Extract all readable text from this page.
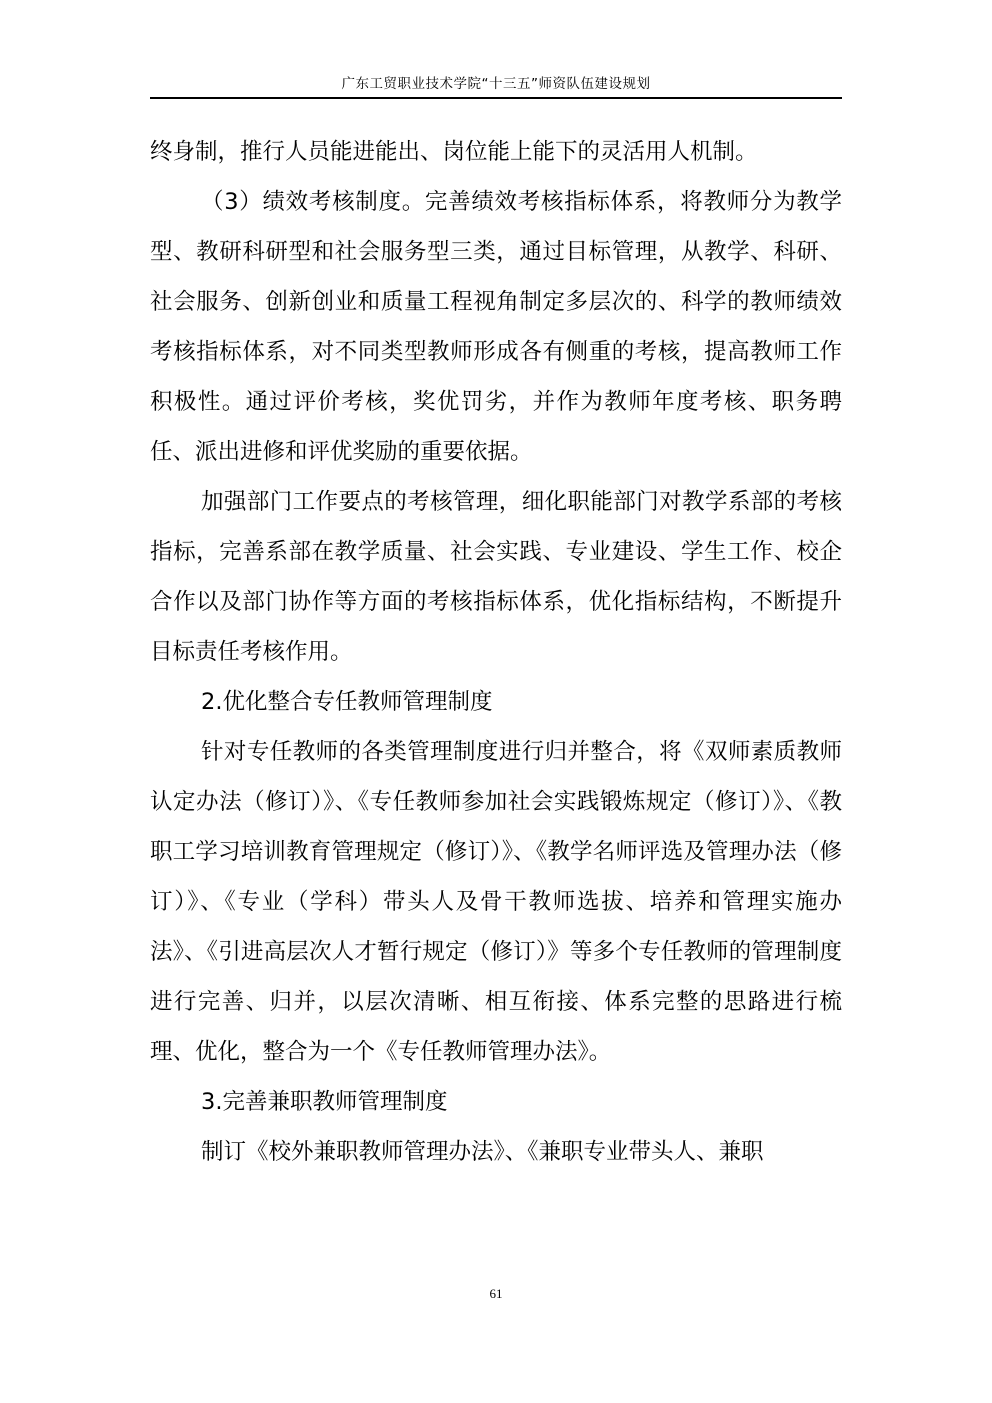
广东工贸职业技术学院“十三五”师资队伍建设规划

终身制，推行人员能进能出、岗位能上能下的灵活用人机制。

（3）绩效考核制度。完善绩效考核指标体系，将教师分为教学型、教研科研型和社会服务型三类，通过目标管理，从教学、科研、社会服务、创新创业和质量工程视角制定多层次的、科学的教师绩效考核指标体系，对不同类型教师形成各有侧重的考核，提高教师工作积极性。通过评价考核，奖优罚劣，并作为教师年度考核、职务聘任、派出进修和评优奖励的重要依据。

加强部门工作要点的考核管理，细化职能部门对教学系部的考核指标，完善系部在教学质量、社会实践、专业建设、学生工作、校企合作以及部门协作等方面的考核指标体系，优化指标结构，不断提升目标责任考核作用。

2.优化整合专任教师管理制度

针对专任教师的各类管理制度进行归并整合，将《双师素质教师认定办法（修订）》、《专任教师参加社会实践锻炼规定（修订）》、《教职工学习培训教育管理规定（修订）》、《教学名师评选及管理办法（修订）》、《专业（学科）带头人及骨干教师选拔、培养和管理实施办法》、《引进高层次人才暂行规定（修订）》等多个专任教师的管理制度进行完善、归并，以层次清晰、相互衔接、体系完整的思路进行梳理、优化，整合为一个《专任教师管理办法》。

3.完善兼职教师管理制度

制订《校外兼职教师管理办法》、《兼职专业带头人、兼职

61
